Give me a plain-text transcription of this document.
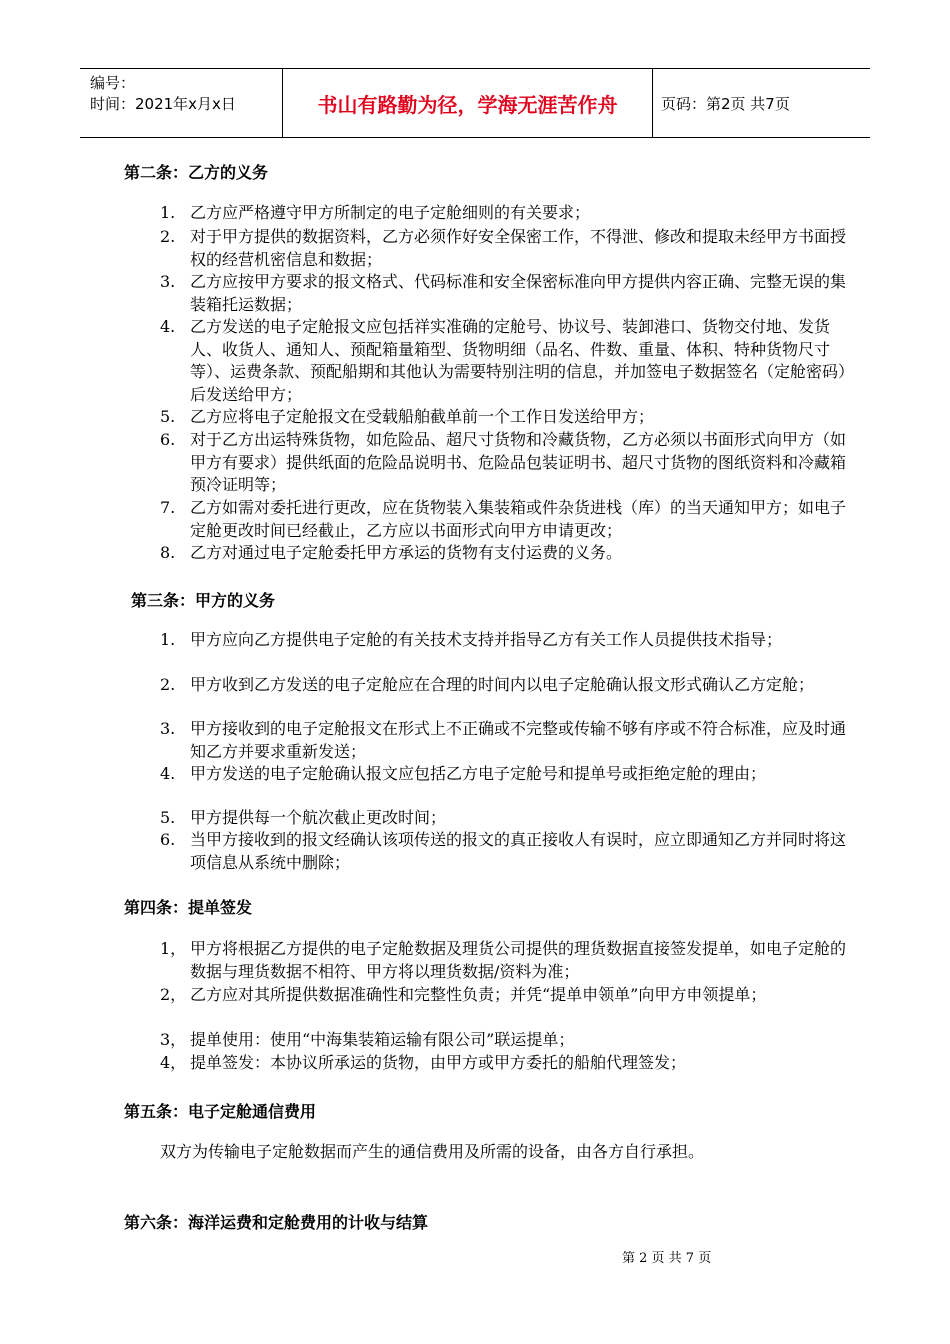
编号：
时间：2021年x月x日	书山有路勤为径，学海无涯苦作舟	页码：第2页 共7页
第二条：乙方的义务
1. 乙方应严格遵守甲方所制定的电子定舱细则的有关要求；
2. 对于甲方提供的数据资料，乙方必须作好安全保密工作，不得泄、修改和提取未经甲方书面授权的经营机密信息和数据；
3. 乙方应按甲方要求的报文格式、代码标准和安全保密标准向甲方提供内容正确、完整无误的集装箱托运数据；
4. 乙方发送的电子定舱报文应包括祥实准确的定舱号、协议号、装卸港口、货物交付地、发货人、收货人、通知人、预配箱量箱型、货物明细（品名、件数、重量、体积、特种货物尺寸等）、运费条款、预配船期和其他认为需要特别注明的信息，并加签电子数据签名（定舱密码）后发送给甲方；
5. 乙方应将电子定舱报文在受载船舶截单前一个工作日发送给甲方；
6. 对于乙方出运特殊货物，如危险品、超尺寸货物和冷藏货物，乙方必须以书面形式向甲方（如甲方有要求）提供纸面的危险品说明书、危险品包装证明书、超尺寸货物的图纸资料和冷藏箱预冷证明等；
7. 乙方如需对委托进行更改，应在货物装入集装箱或件杂货进栈（库）的当天通知甲方；如电子定舱更改时间已经截止，乙方应以书面形式向甲方申请更改；
8. 乙方对通过电子定舱委托甲方承运的货物有支付运费的义务。
第三条：甲方的义务
1. 甲方应向乙方提供电子定舱的有关技术支持并指导乙方有关工作人员提供技术指导；
2. 甲方收到乙方发送的电子定舱应在合理的时间内以电子定舱确认报文形式确认乙方定舱；
3. 甲方接收到的电子定舱报文在形式上不正确或不完整或传输不够有序或不符合标准，应及时通知乙方并要求重新发送；
4. 甲方发送的电子定舱确认报文应包括乙方电子定舱号和提单号或拒绝定舱的理由；
5. 甲方提供每一个航次截止更改时间；
6. 当甲方接收到的报文经确认该项传送的报文的真正接收人有误时，应立即通知乙方并同时将这项信息从系统中删除；
第四条：提单签发
1， 甲方将根据乙方提供的电子定舱数据及理货公司提供的理货数据直接签发提单，如电子定舱的数据与理货数据不相符、甲方将以理货数据/资料为准；
2， 乙方应对其所提供数据准确性和完整性负责；并凭“提单申领单”向甲方申领提单；
3， 提单使用：使用“中海集装箱运输有限公司”联运提单；
4， 提单签发：本协议所承运的货物，由甲方或甲方委托的船舶代理签发；
第五条：电子定舱通信费用
双方为传输电子定舱数据而产生的通信费用及所需的设备，由各方自行承担。
第六条：海洋运费和定舱费用的计收与结算
第 2 页 共 7 页
